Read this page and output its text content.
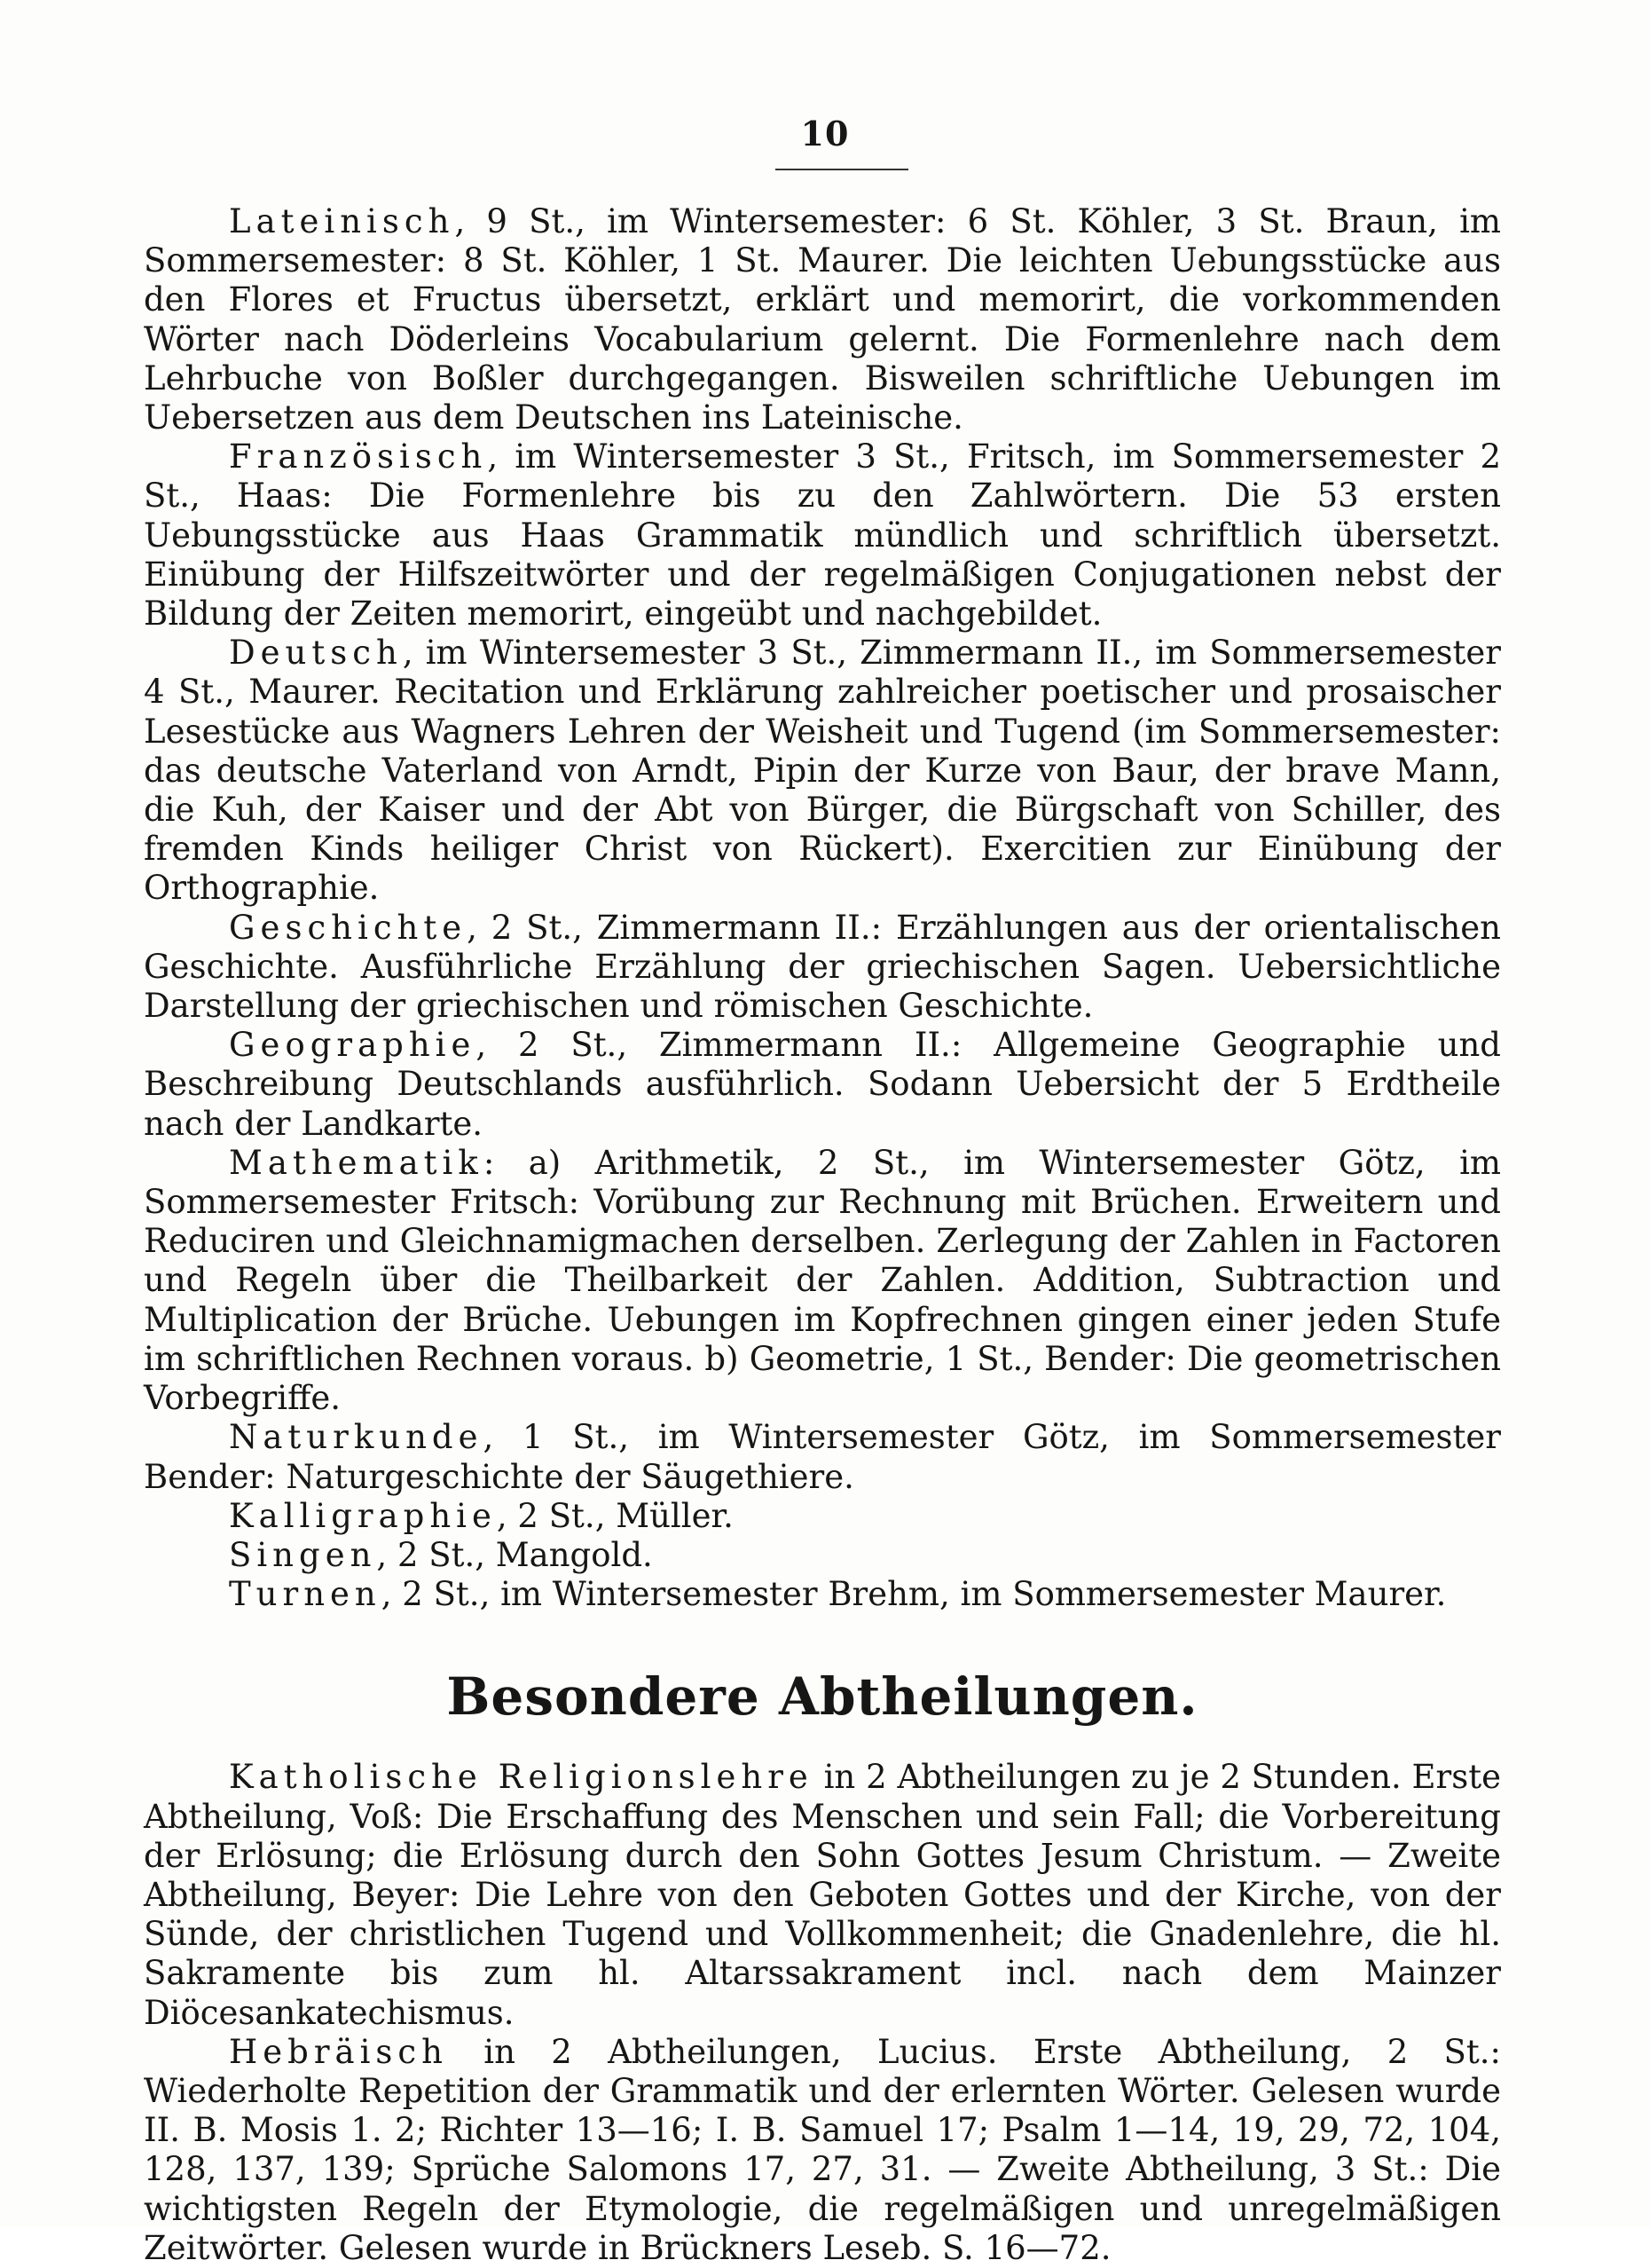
10

Lateinisch, 9 St., im Wintersemester: 6 St. Köhler, 3 St. Braun, im Sommersemester: 8 St. Köhler, 1 St. Maurer. Die leichten Uebungsstücke aus den Flores et Fructus übersetzt, erklärt und memorirt, die vorkommenden Wörter nach Döderleins Vocabularium gelernt. Die Formenlehre nach dem Lehrbuche von Boßler durchgegangen. Bisweilen schriftliche Uebungen im Uebersetzen aus dem Deutschen ins Lateinische.

Französisch, im Wintersemester 3 St., Fritsch, im Sommersemester 2 St., Haas: Die Formenlehre bis zu den Zahlwörtern. Die 53 ersten Uebungsstücke aus Haas Grammatik mündlich und schriftlich übersetzt. Einübung der Hilfszeitwörter und der regelmäßigen Conjugationen nebst der Bildung der Zeiten memorirt, eingeübt und nachgebildet.

Deutsch, im Wintersemester 3 St., Zimmermann II., im Sommersemester 4 St., Maurer. Recitation und Erklärung zahlreicher poetischer und prosaischer Lesestücke aus Wagners Lehren der Weisheit und Tugend (im Sommersemester: das deutsche Vaterland von Arndt, Pipin der Kurze von Baur, der brave Mann, die Kuh, der Kaiser und der Abt von Bürger, die Bürgschaft von Schiller, des fremden Kinds heiliger Christ von Rückert). Exercitien zur Einübung der Orthographie.

Geschichte, 2 St., Zimmermann II.: Erzählungen aus der orientalischen Geschichte. Ausführliche Erzählung der griechischen Sagen. Uebersichtliche Darstellung der griechischen und römischen Geschichte.

Geographie, 2 St., Zimmermann II.: Allgemeine Geographie und Beschreibung Deutschlands ausführlich. Sodann Uebersicht der 5 Erdtheile nach der Landkarte.

Mathematik: a) Arithmetik, 2 St., im Wintersemester Götz, im Sommersemester Fritsch: Vorübung zur Rechnung mit Brüchen. Erweitern und Reduciren und Gleichnamigmachen derselben. Zerlegung der Zahlen in Factoren und Regeln über die Theilbarkeit der Zahlen. Addition, Subtraction und Multiplication der Brüche. Uebungen im Kopfrechnen gingen einer jeden Stufe im schriftlichen Rechnen voraus. b) Geometrie, 1 St., Bender: Die geometrischen Vorbegriffe.

Naturkunde, 1 St., im Wintersemester Götz, im Sommersemester Bender: Naturgeschichte der Säugethiere.

Kalligraphie, 2 St., Müller.

Singen, 2 St., Mangold.

Turnen, 2 St., im Wintersemester Brehm, im Sommersemester Maurer.

Besondere Abtheilungen.

Katholische Religionslehre in 2 Abtheilungen zu je 2 Stunden. Erste Abtheilung, Voß: Die Erschaffung des Menschen und sein Fall; die Vorbereitung der Erlösung; die Erlösung durch den Sohn Gottes Jesum Christum. — Zweite Abtheilung, Beyer: Die Lehre von den Geboten Gottes und der Kirche, von der Sünde, der christlichen Tugend und Vollkommenheit; die Gnadenlehre, die hl. Sakramente bis zum hl. Altarssakrament incl. nach dem Mainzer Diöcesankatechismus.

Hebräisch in 2 Abtheilungen, Lucius. Erste Abtheilung, 2 St.: Wiederholte Repetition der Grammatik und der erlernten Wörter. Gelesen wurde II. B. Mosis 1. 2; Richter 13—16; I. B. Samuel 17; Psalm 1—14, 19, 29, 72, 104, 128, 137, 139; Sprüche Salomons 17, 27, 31. — Zweite Abtheilung, 3 St.: Die wichtigsten Regeln der Etymologie, die regelmäßigen und unregelmäßigen Zeitwörter. Gelesen wurde in Brückners Leseb. S. 16—72.
